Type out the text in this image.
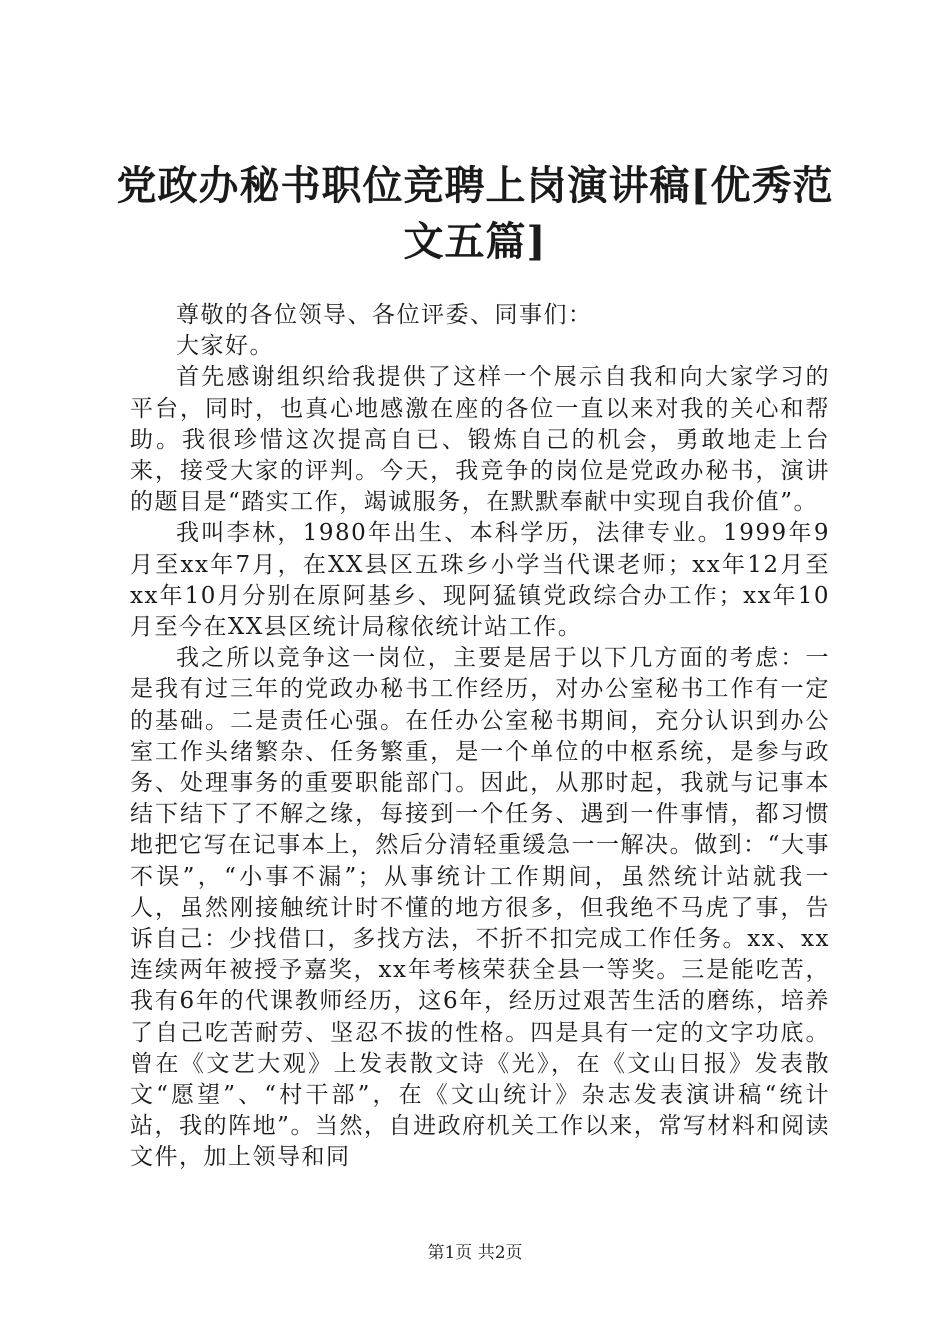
党政办秘书职位竞聘上岗演讲稿[优秀范文五篇]

尊敬的各位领导、各位评委、同事们：

大家好。

首先感谢组织给我提供了这样一个展示自我和向大家学习的平台，同时，也真心地感激在座的各位一直以来对我的关心和帮助。我很珍惜这次提高自已、锻炼自己的机会，勇敢地走上台来，接受大家的评判。今天，我竞争的岗位是党政办秘书，演讲的题目是“踏实工作，竭诚服务，在默默奉献中实现自我价值”。

我叫李林，1980年出生、本科学历，法律专业。1999年9月至xx年7月，在XX县区五珠乡小学当代课老师；xx年12月至xx年10月分别在原阿基乡、现阿猛镇党政综合办工作；xx年10月至今在XX县区统计局稼依统计站工作。

我之所以竞争这一岗位，主要是居于以下几方面的考虑：一是我有过三年的党政办秘书工作经历，对办公室秘书工作有一定的基础。二是责任心强。在任办公室秘书期间，充分认识到办公室工作头绪繁杂、任务繁重，是一个单位的中枢系统，是参与政务、处理事务的重要职能部门。因此，从那时起，我就与记事本结下结下了不解之缘，每接到一个任务、遇到一件事情，都习惯地把它写在记事本上，然后分清轻重缓急一一解决。做到：“大事不误”，“小事不漏”；从事统计工作期间，虽然统计站就我一人，虽然刚接触统计时不懂的地方很多，但我绝不马虎了事，告诉自己：少找借口，多找方法，不折不扣完成工作任务。xx、xx连续两年被授予嘉奖，xx年考核荣获全县一等奖。三是能吃苦，我有6年的代课教师经历，这6年，经历过艰苦生活的磨练，培养了自己吃苦耐劳、坚忍不拔的性格。四是具有一定的文字功底。曾在《文艺大观》上发表散文诗《光》，在《文山日报》发表散文“愿望”、“村干部”，在《文山统计》杂志发表演讲稿“统计站，我的阵地”。当然，自进政府机关工作以来，常写材料和阅读文件，加上领导和同

第1页 共2页
